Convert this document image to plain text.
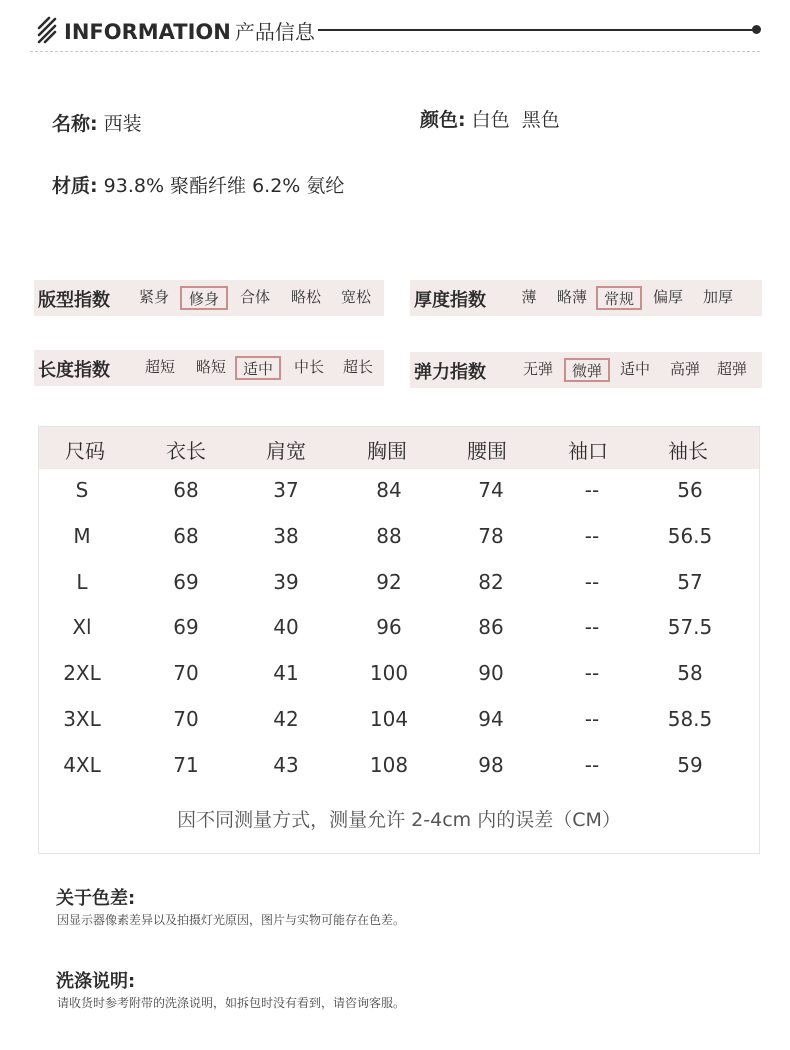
INFORMATION 产品信息
名称: 西装	颜色: 白色  黑色
材质: 93.8% 聚酯纤维 6.2% 氨纶
版型指数	紧身	修身	合体	略松	宽松 厚度指数 薄	略薄	常规	偏厚	加厚
长度指数	超短	略短	适中	中长	超长 弹力指数	无弹	微弹	适中	高弹	超弹
尺码	衣长	肩宽	胸围	腰围	袖口	袖长
S	68	37	84	74	--	56
M	68	38	88	78	--	56.5
L	69	39	92	82	--	57
Xl	69	40	96	86	--	57.5
2XL	70	41	100	90	--	58
3XL	70	42	104	94	--	58.5
4XL	71	43	108	98	--	59
因不同测量方式，测量允许 2-4cm 内的误差（CM）
关于色差:
因显示器像素差异以及拍摄灯光原因，图片与实物可能存在色差。
洗涤说明:
请收货时参考附带的洗涤说明，如拆包时没有看到，请咨询客服。
